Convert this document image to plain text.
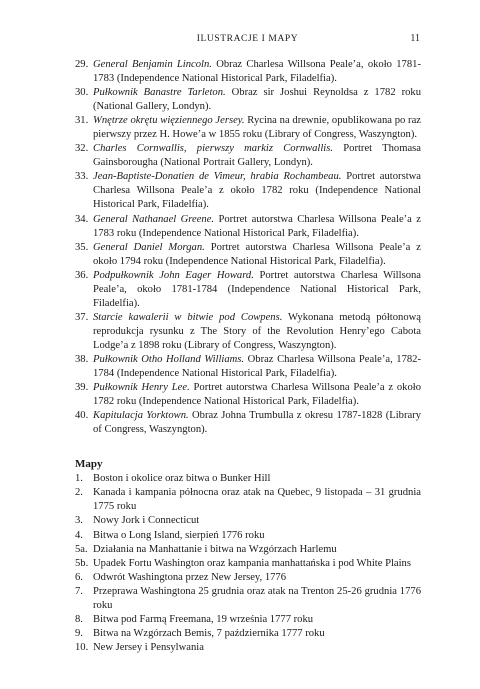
ILUSTRACJE I MAPY	11
29. General Benjamin Lincoln. Obraz Charlesa Willsona Peale’a, około 1781-1783 (Independence National Historical Park, Filadelfia).
30. Pułkownik Banastre Tarleton. Obraz sir Joshui Reynoldsa z 1782 roku (National Gallery, Londyn).
31. Wnętrze okrętu więziennego Jersey. Rycina na drewnie, opublikowana po raz pierwszy przez H. Howe’a w 1855 roku (Library of Congress, Waszyngton).
32. Charles Cornwallis, pierwszy markiz Cornwallis. Portret Thomasa Gainsborougha (National Portrait Gallery, Londyn).
33. Jean-Baptiste-Donatien de Vimeur, hrabia Rochambeau. Portret autorstwa Charlesa Willsona Peale’a z około 1782 roku (Independence National Historical Park, Filadelfia).
34. General Nathanael Greene. Portret autorstwa Charlesa Willsona Peale’a z 1783 roku (Independence National Historical Park, Filadelfia).
35. General Daniel Morgan. Portret autorstwa Charlesa Willsona Peale’a z około 1794 roku (Independence National Historical Park, Filadelfia).
36. Podpułkownik John Eager Howard. Portret autorstwa Charlesa Willsona Peale’a, około 1781-1784 (Independence National Historical Park, Filadelfia).
37. Starcie kawalerii w bitwie pod Cowpens. Wykonana metodą półtonową reprodukcja rysunku z The Story of the Revolution Henry’ego Cabota Lodge’a z 1898 roku (Library of Congress, Waszyngton).
38. Pułkownik Otho Holland Williams. Obraz Charlesa Willsona Peale’a, 1782-1784 (Independence National Historical Park, Filadelfia).
39. Pułkownik Henry Lee. Portret autorstwa Charlesa Willsona Peale’a z około 1782 roku (Independence National Historical Park, Filadelfia).
40. Kapitulacja Yorktown. Obraz Johna Trumbulla z okresu 1787-1828 (Library of Congress, Waszyngton).
Mapy
1. Boston i okolice oraz bitwa o Bunker Hill
2. Kanada i kampania północna oraz atak na Quebec, 9 listopada – 31 grudnia 1775 roku
3. Nowy Jork i Connecticut
4. Bitwa o Long Island, sierpień 1776 roku
5a. Działania na Manhattanie i bitwa na Wzgórzach Harlemu
5b. Upadek Fortu Washington oraz kampania manhattańska i pod White Plains
6. Odwrót Washingtona przez New Jersey, 1776
7. Przeprawa Washingtona 25 grudnia oraz atak na Trenton 25-26 grudnia 1776 roku
8. Bitwa pod Farmą Freemana, 19 września 1777 roku
9. Bitwa na Wzgórzach Bemis, 7 października 1777 roku
10. New Jersey i Pensylwania
